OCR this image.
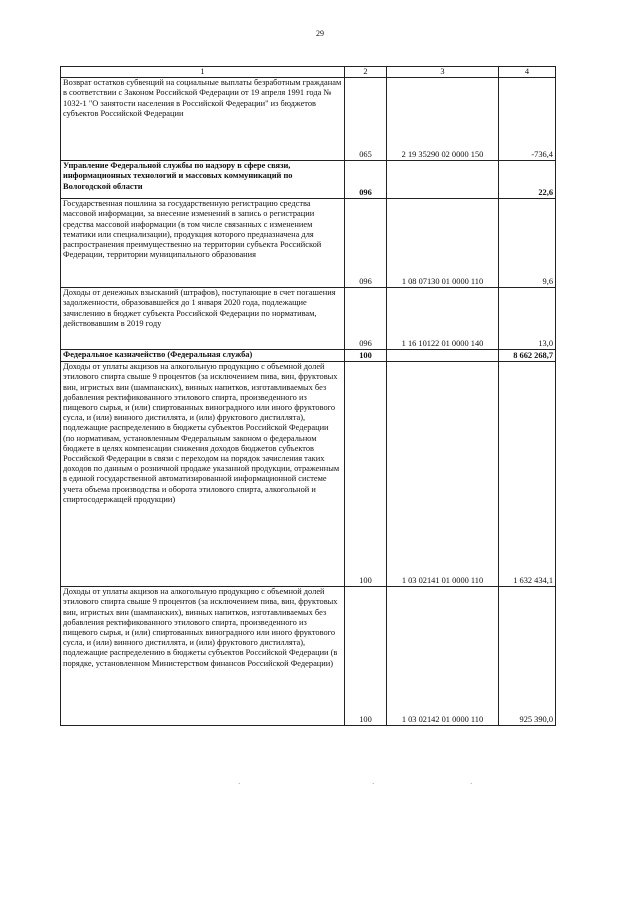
29
1	2	3	4
Возврат остатков субвенций на социальные выплаты безработным гражданам в соответствии с Законом Российской Федерации от 19 апреля 1991 года № 1032-1 "О занятости населения в Российской Федерации" из бюджетов субъектов Российской Федерации	065	2 19 35290 02 0000 150	-736,4
Управление Федеральной службы по надзору в сфере связи, информационных технологий и массовых коммуникаций по Вологодской области	096		22,6
Государственная пошлина за государственную регистрацию средства массовой информации, за внесение изменений в запись о регистрации средства массовой информации (в том числе связанных с изменением тематики или специализации), продукция которого предназначена для распространения преимущественно на территории субъекта Российской Федерации, территории муниципального образования	096	1 08 07130 01 0000 110	9,6
Доходы от денежных взысканий (штрафов), поступающие в счет погашения задолженности, образовавшейся до 1 января 2020 года, подлежащие зачислению в бюджет субъекта Российской Федерации по нормативам, действовавшим в 2019 году	096	1 16 10122 01 0000 140	13,0
Федеральное казначейство (Федеральная служба)	100		8 662 268,7
Доходы от уплаты акцизов на алкогольную продукцию с объемной долей этилового спирта свыше 9 процентов (за исключением пива, вин, фруктовых вин, игристых вин (шампанских), винных напитков, изготавливаемых без добавления ректификованного этилового спирта, произведенного из пищевого сырья, и (или) спиртованных виноградного или иного фруктового сусла, и (или) винного дистиллята, и (или) фруктового дистиллята), подлежащие распределению в бюджеты субъектов Российской Федерации (по нормативам, установленным Федеральным законом о федеральном бюджете в целях компенсации снижения доходов бюджетов субъектов Российской Федерации в связи с переходом на порядок зачисления таких доходов по данным о розничной продаже указанной продукции, отраженным в единой государственной автоматизированной информационной системе учета объема производства и оборота этилового спирта, алкогольной и спиртосодержащей продукции)	100	1 03 02141 01 0000 110	1 632 434,1
Доходы от уплаты акцизов на алкогольную продукцию с объемной долей этилового спирта свыше 9 процентов (за исключением пива, вин, фруктовых вин, игристых вин (шампанских), винных напитков, изготавливаемых без добавления ректификованного этилового спирта, произведенного из пищевого сырья, и (или) спиртованных виноградного или иного фруктового сусла, и (или) винного дистиллята, и (или) фруктового дистиллята), подлежащие распределению в бюджеты субъектов Российской Федерации (в порядке, установленном Министерством финансов Российской Федерации)	100	1 03 02142 01 0000 110	925 390,0
·	·	·
